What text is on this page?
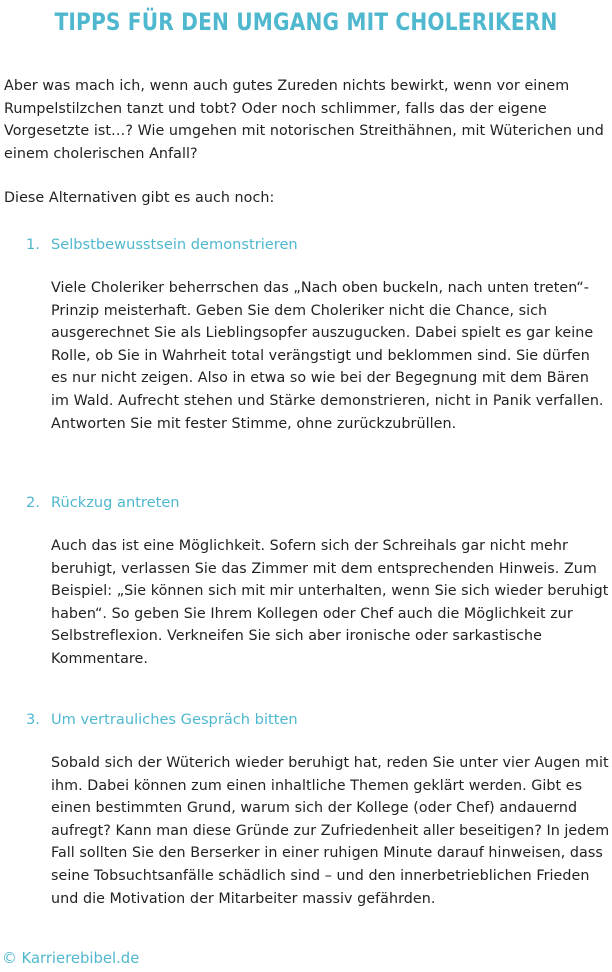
TIPPS FÜR DEN UMGANG MIT CHOLERIKERN

Aber was mach ich, wenn auch gutes Zureden nichts bewirkt, wenn vor einem Rumpelstilzchen tanzt und tobt? Oder noch schlimmer, falls das der eigene Vorgesetzte ist…? Wie umgehen mit notorischen Streithähnen, mit Wüterichen und einem cholerischen Anfall?

Diese Alternativen gibt es auch noch:

1. Selbstbewusstsein demonstrieren

Viele Choleriker beherrschen das „Nach oben buckeln, nach unten treten“-Prinzip meisterhaft. Geben Sie dem Choleriker nicht die Chance, sich ausgerechnet Sie als Lieblingsopfer auszugucken. Dabei spielt es gar keine Rolle, ob Sie in Wahrheit total verängstigt und beklommen sind. Sie dürfen es nur nicht zeigen. Also in etwa so wie bei der Begegnung mit dem Bären im Wald. Aufrecht stehen und Stärke demonstrieren, nicht in Panik verfallen. Antworten Sie mit fester Stimme, ohne zurückzubrüllen.

2. Rückzug antreten

Auch das ist eine Möglichkeit. Sofern sich der Schreihals gar nicht mehr beruhigt, verlassen Sie das Zimmer mit dem entsprechenden Hinweis. Zum Beispiel: „Sie können sich mit mir unterhalten, wenn Sie sich wieder beruhigt haben“. So geben Sie Ihrem Kollegen oder Chef auch die Möglichkeit zur Selbstreflexion. Verkneifen Sie sich aber ironische oder sarkastische Kommentare.

3. Um vertrauliches Gespräch bitten

Sobald sich der Wüterich wieder beruhigt hat, reden Sie unter vier Augen mit ihm. Dabei können zum einen inhaltliche Themen geklärt werden. Gibt es einen bestimmten Grund, warum sich der Kollege (oder Chef) andauernd aufregt? Kann man diese Gründe zur Zufriedenheit aller beseitigen? In jedem Fall sollten Sie den Berserker in einer ruhigen Minute darauf hinweisen, dass seine Tobsuchtsanfälle schädlich sind – und den innerbetrieblichen Frieden und die Motivation der Mitarbeiter massiv gefährden.

© Karrierebibel.de
